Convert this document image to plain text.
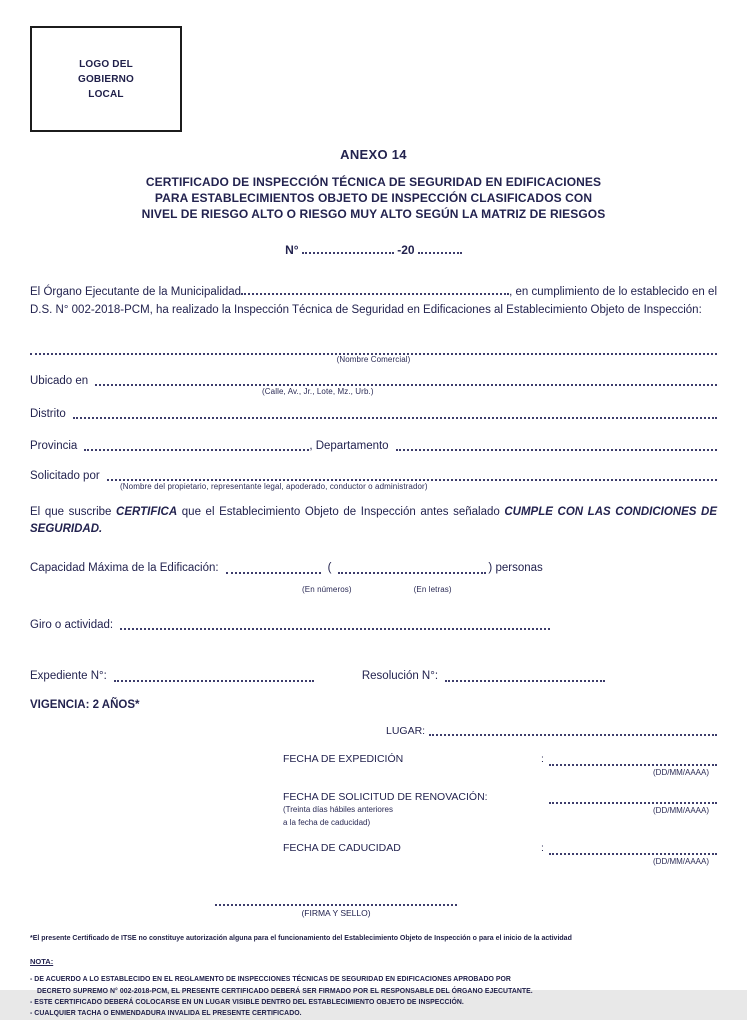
LOGO DEL
GOBIERNO
LOCAL
ANEXO 14
CERTIFICADO DE INSPECCIÓN TÉCNICA DE SEGURIDAD EN EDIFICACIONES
PARA ESTABLECIMIENTOS OBJETO DE INSPECCIÓN CLASIFICADOS CON
NIVEL DE RIESGO ALTO O RIESGO MUY ALTO SEGÚN LA MATRIZ DE RIESGOS
N°	-20

El Órgano Ejecutante de la Municipalidad	, en cumplimiento de lo establecido en el D.S. N° 002-2018-PCM, ha realizado la Inspección Técnica de Seguridad en Edificaciones al Establecimiento Objeto de Inspección:

(Nombre Comercial)
Ubicado en
(Calle, Av., Jr., Lote, Mz., Urb.)
Distrito
Provincia	, Departamento
Solicitado por
(Nombre del propietario, representante legal, apoderado, conductor o administrador)

El que suscribe CERTIFICA que el Establecimiento Objeto de Inspección antes señalado CUMPLE CON LAS CONDICIONES DE SEGURIDAD.

Capacidad Máxima de la Edificación:	(	) personas
(En números)	(En letras)
Giro o actividad:
Expediente N°:	Resolución N°:
VIGENCIA: 2 AÑOS*
LUGAR:
FECHA DE EXPEDICIÓN	:
(DD/MM/AAAA)
FECHA DE SOLICITUD DE RENOVACIÓN:
(Treinta días hábiles anteriores
a la fecha de caducidad)
(DD/MM/AAAA)
FECHA DE CADUCIDAD	:
(DD/MM/AAAA)
(FIRMA Y SELLO)
*El presente Certificado de ITSE no constituye autorización alguna para el funcionamiento del Establecimiento Objeto de Inspección o para el inicio de la actividad
NOTA:
- DE ACUERDO A LO ESTABLECIDO EN EL REGLAMENTO DE INSPECCIONES TÉCNICAS DE SEGURIDAD EN EDIFICACIONES APROBADO POR
DECRETO SUPREMO N° 002-2018-PCM, EL PRESENTE CERTIFICADO DEBERÁ SER FIRMADO POR EL RESPONSABLE DEL ÓRGANO EJECUTANTE.
- ESTE CERTIFICADO DEBERÁ COLOCARSE EN UN LUGAR VISIBLE DENTRO DEL ESTABLECIMIENTO OBJETO DE INSPECCIÓN.
- CUALQUIER TACHA O ENMENDADURA INVALIDA EL PRESENTE CERTIFICADO.
